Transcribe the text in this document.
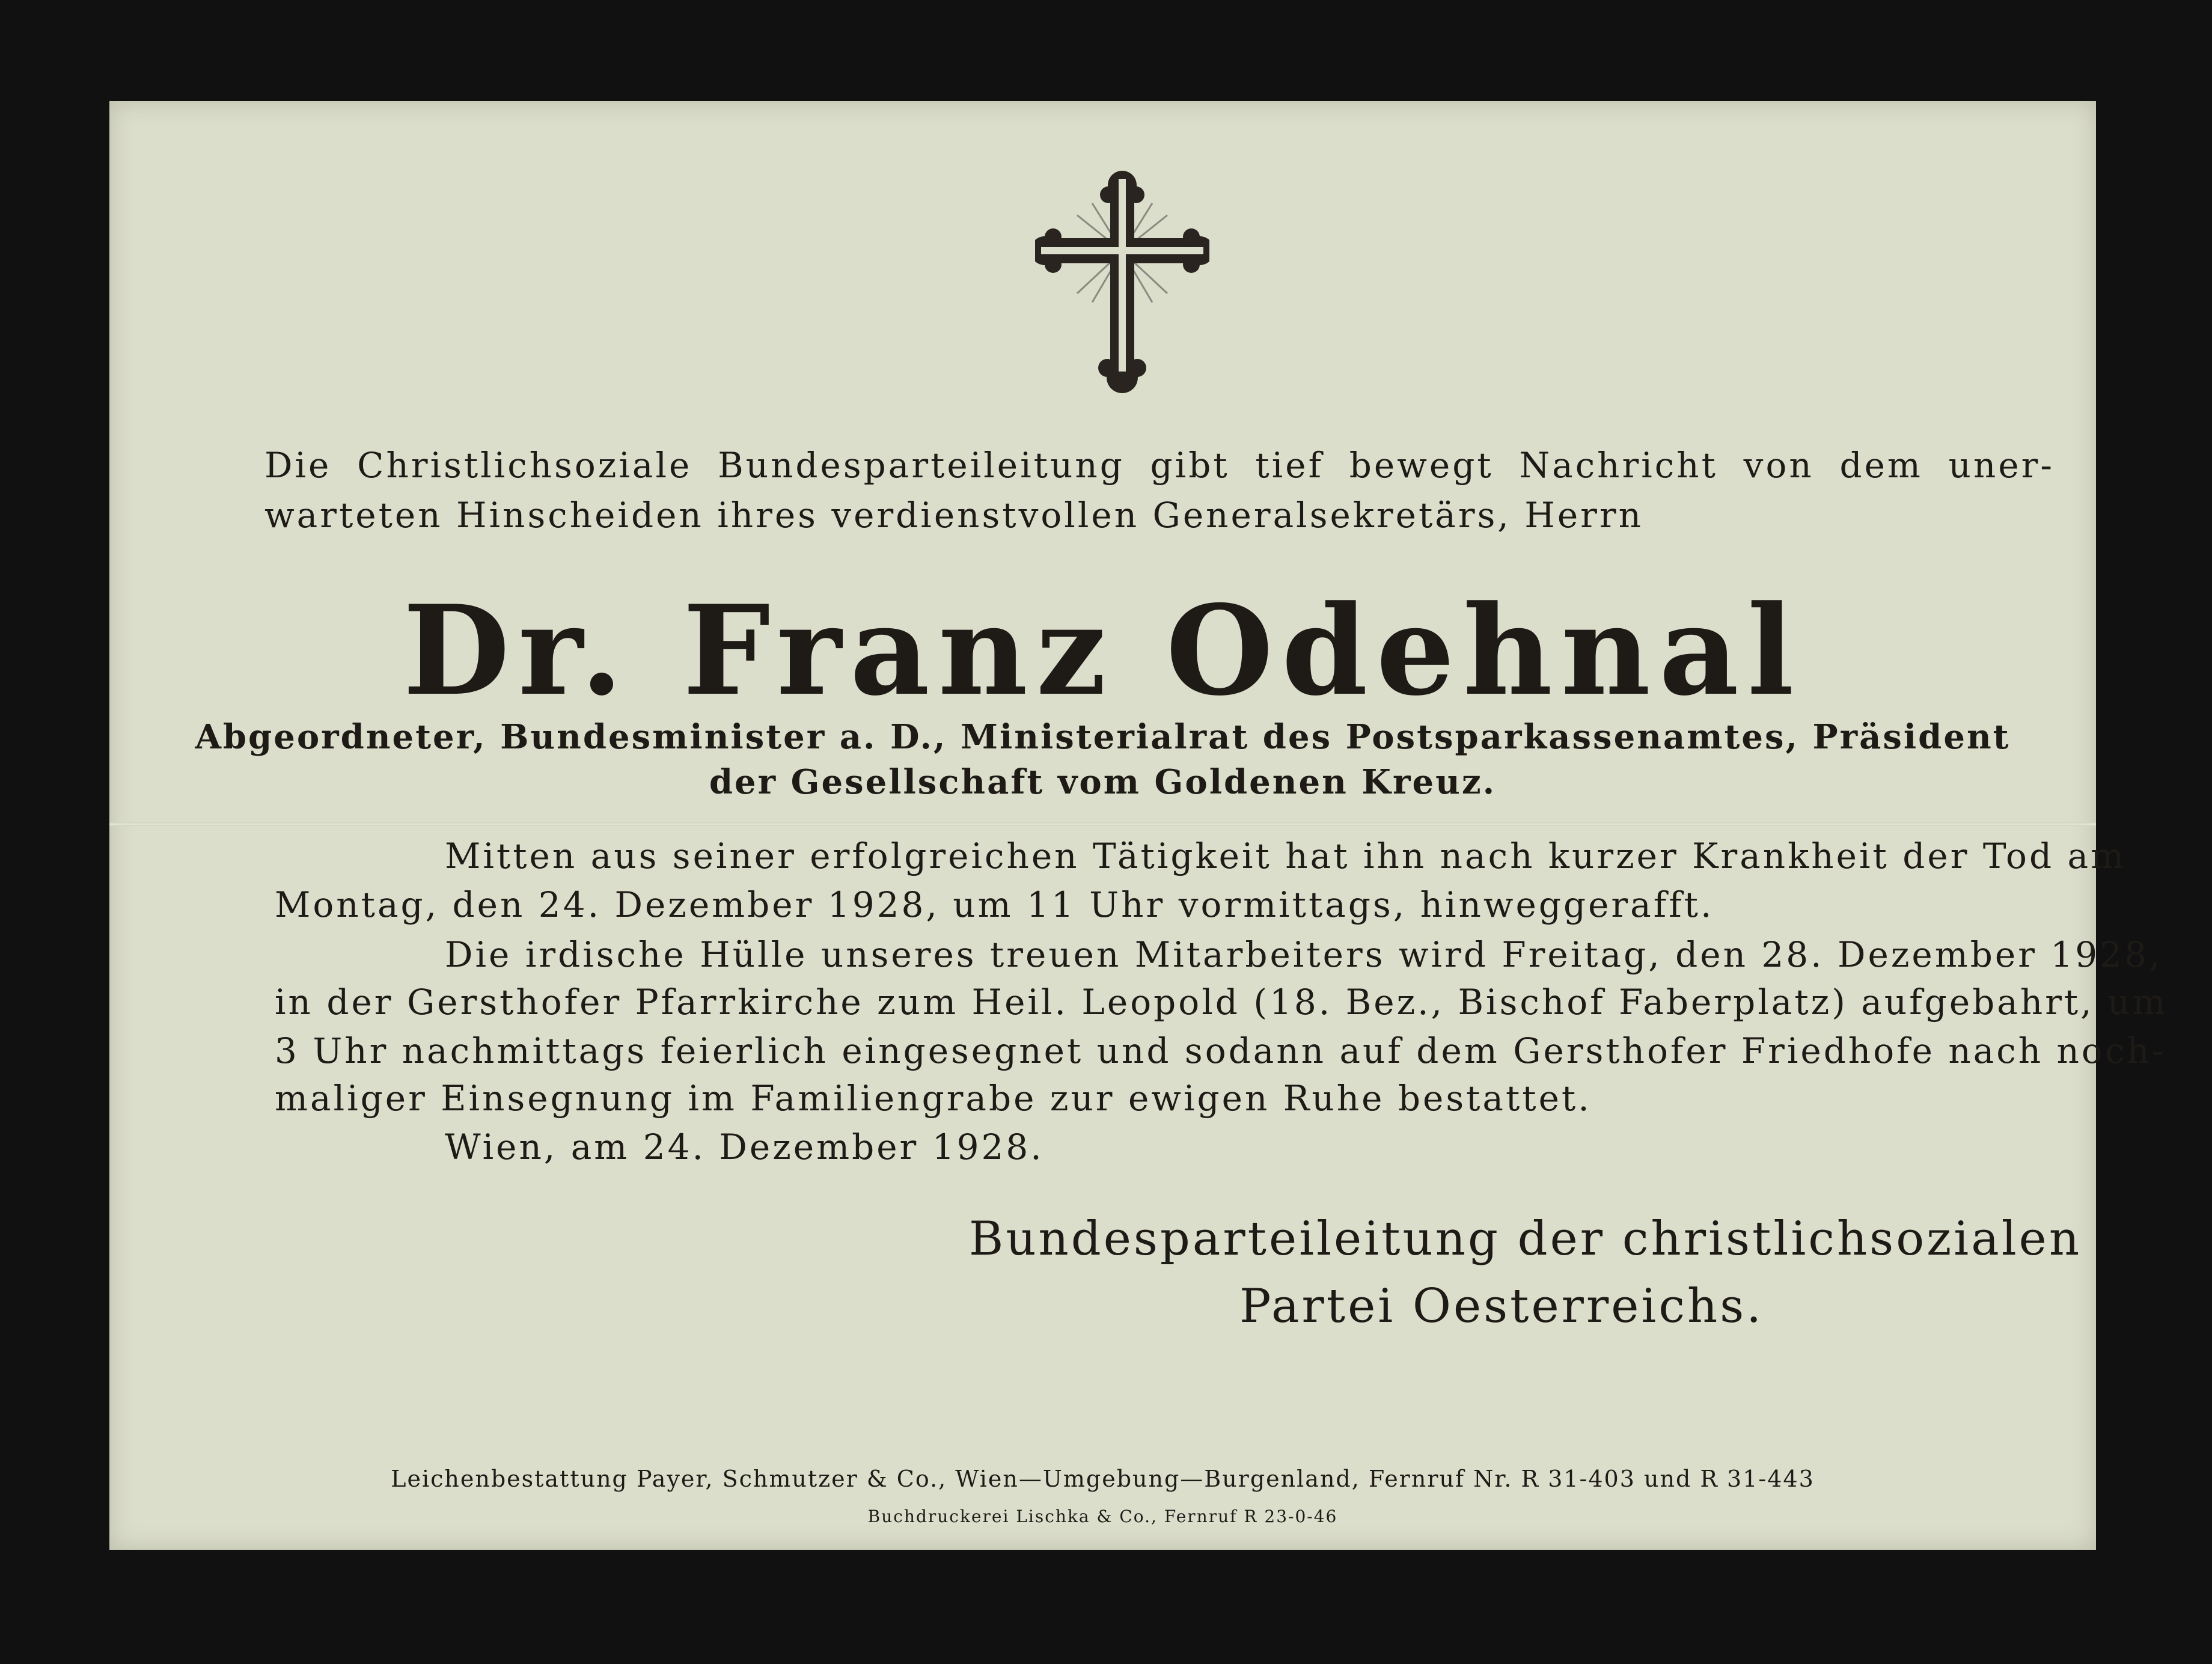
Die Christlichsoziale Bundesparteileitung gibt tief bewegt Nachricht von dem uner-
warteten Hinscheiden ihres verdienstvollen Generalsekretärs, Herrn
Dr. Franz Odehnal
Abgeordneter, Bundesminister a. D., Ministerialrat des Postsparkassenamtes, Präsident
der Gesellschaft vom Goldenen Kreuz.
Mitten aus seiner erfolgreichen Tätigkeit hat ihn nach kurzer Krankheit der Tod am
Montag, den 24. Dezember 1928, um 11 Uhr vormittags, hinweggerafft.
Die irdische Hülle unseres treuen Mitarbeiters wird Freitag, den 28. Dezember 1928,
in der Gersthofer Pfarrkirche zum Heil. Leopold (18. Bez., Bischof Faberplatz) aufgebahrt, um
3 Uhr nachmittags feierlich eingesegnet und sodann auf dem Gersthofer Friedhofe nach noch-
maliger Einsegnung im Familiengrabe zur ewigen Ruhe bestattet.
Wien, am 24. Dezember 1928.
Bundesparteileitung der christlichsozialen
Partei Oesterreichs.
Leichenbestattung Payer, Schmutzer & Co., Wien—Umgebung—Burgenland, Fernruf Nr. R 31-403 und R 31-443
Buchdruckerei Lischka & Co., Fernruf R 23-0-46
